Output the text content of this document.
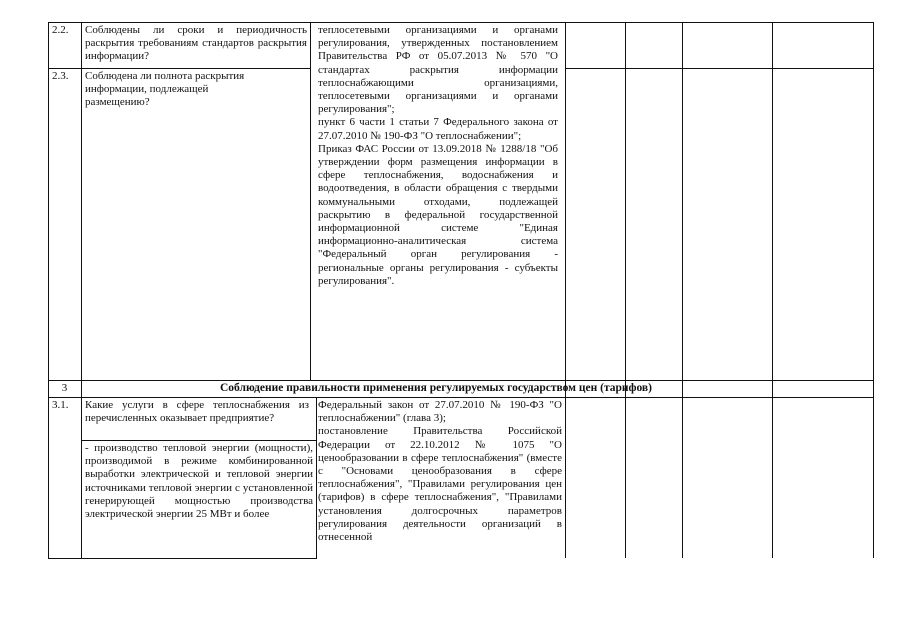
2.2.	Соблюдены ли сроки и периодичность раскрытия требованиям стандартов раскрытия информации?
2.3.	Соблюдена ли полнота раскрытия информации, подлежащей размещению?
теплосетевыми организациями и органами регулирования, утвержденных постановлением Правительства РФ от 05.07.2013 № 570 "О стандартах раскрытия информации теплоснабжающими организациями, теплосетевыми организациями и органами регулирования";
пункт 6 части 1 статьи 7 Федерального закона от 27.07.2010 № 190-ФЗ "О теплоснабжении";
Приказ ФАС России от 13.09.2018 № 1288/18 "Об утверждении форм размещения информации в сфере теплоснабжения, водоснабжения и водоотведения, в области обращения с твердыми коммунальными отходами, подлежащей раскрытию в федеральной государственной информационной системе "Единая информационно-аналитическая система "Федеральный орган регулирования - региональные органы регулирования - субъекты регулирования".
3	Соблюдение правильности применения регулируемых государством цен (тарифов)
3.1.	Какие услуги в сфере теплоснабжения из перечисленных оказывает предприятие?
- производство тепловой энергии (мощности), производимой в режиме комбинированной выработки электрической и тепловой энергии источниками тепловой энергии с установленной генерирующей мощностью производства электрической энергии 25 МВт и более
Федеральный закон от 27.07.2010 № 190-ФЗ "О теплоснабжении" (глава 3);
постановление Правительства Российской Федерации от 22.10.2012 № 1075 "О ценообразовании в сфере теплоснабжения" (вместе с "Основами ценообразования в сфере теплоснабжения", "Правилами регулирования цен (тарифов) в сфере теплоснабжения", "Правилами установления долгосрочных параметров регулирования деятельности организаций в отнесенной
